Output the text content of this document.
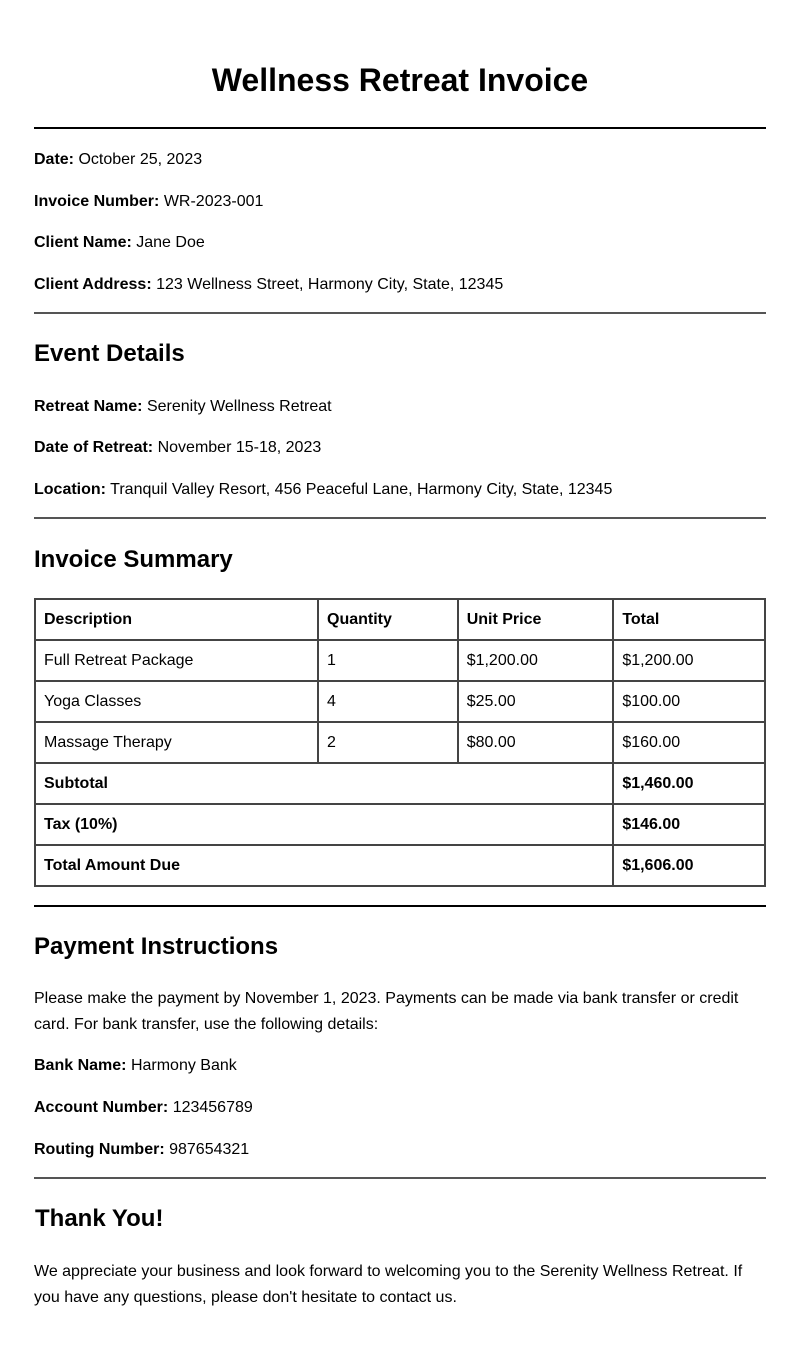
Wellness Retreat Invoice

Date: October 25, 2023

Invoice Number: WR-2023-001

Client Name: Jane Doe

Client Address: 123 Wellness Street, Harmony City, State, 12345

Event Details

Retreat Name: Serenity Wellness Retreat

Date of Retreat: November 15-18, 2023

Location: Tranquil Valley Resort, 456 Peaceful Lane, Harmony City, State, 12345

Invoice Summary
Description	Quantity	Unit Price	Total
Full Retreat Package	1	$1,200.00	$1,200.00
Yoga Classes	4	$25.00	$100.00
Massage Therapy	2	$80.00	$160.00
Subtotal			$1,460.00
Tax (10%)			$146.00
Total Amount Due			$1,606.00
Payment Instructions

Please make the payment by November 1, 2023. Payments can be made via bank transfer or credit card. For bank transfer, use the following details:

Bank Name: Harmony Bank

Account Number: 123456789

Routing Number: 987654321

Thank You!

We appreciate your business and look forward to welcoming you to the Serenity Wellness Retreat. If you have any questions, please don't hesitate to contact us.
